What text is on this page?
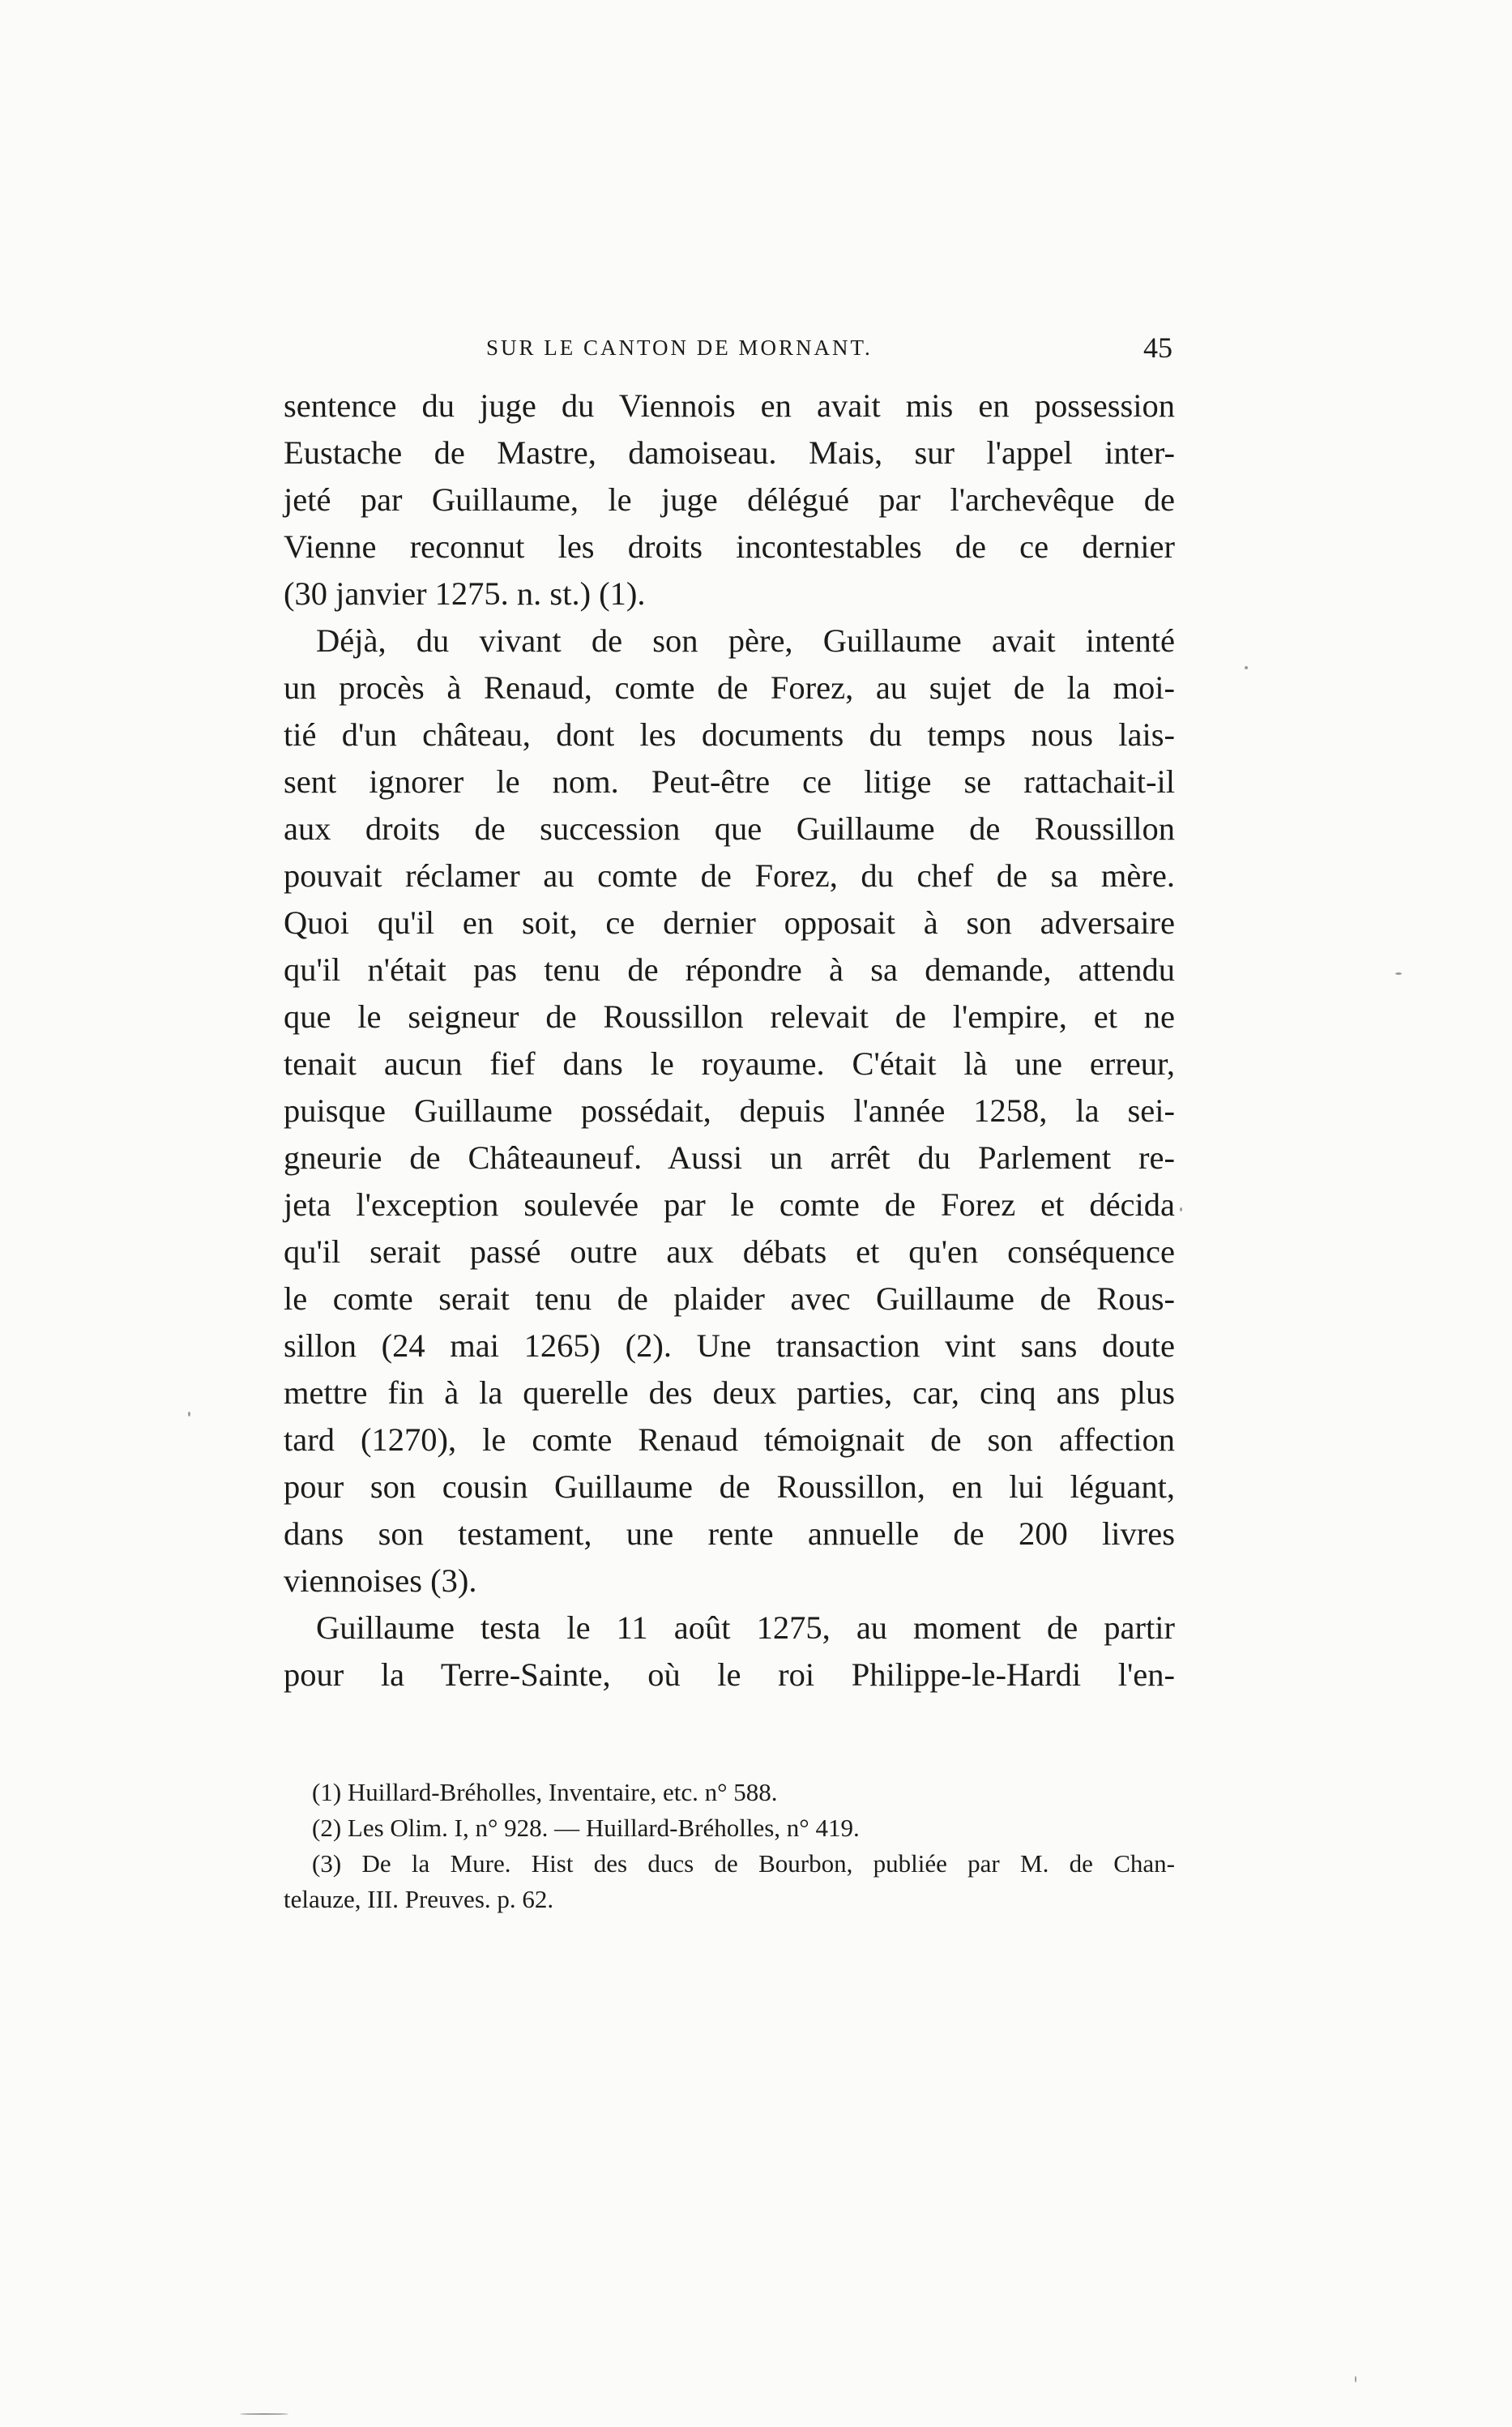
SUR LE CANTON DE MORNANT.	45
sentence du juge du Viennois en avait mis en possession
Eustache de Mastre, damoiseau. Mais, sur l'appel inter-
jeté par Guillaume, le juge délégué par l'archevêque de
Vienne reconnut les droits incontestables de ce dernier
(30 janvier 1275. n. st.) (1).
Déjà, du vivant de son père, Guillaume avait intenté
un procès à Renaud, comte de Forez, au sujet de la moi-
tié d'un château, dont les documents du temps nous lais-
sent ignorer le nom. Peut-être ce litige se rattachait-il
aux droits de succession que Guillaume de Roussillon
pouvait réclamer au comte de Forez, du chef de sa mère.
Quoi qu'il en soit, ce dernier opposait à son adversaire
qu'il n'était pas tenu de répondre à sa demande, attendu
que le seigneur de Roussillon relevait de l'empire, et ne
tenait aucun fief dans le royaume. C'était là une erreur,
puisque Guillaume possédait, depuis l'année 1258, la sei-
gneurie de Châteauneuf. Aussi un arrêt du Parlement re-
jeta l'exception soulevée par le comte de Forez et décida
qu'il serait passé outre aux débats et qu'en conséquence
le comte serait tenu de plaider avec Guillaume de Rous-
sillon (24 mai 1265) (2). Une transaction vint sans doute
mettre fin à la querelle des deux parties, car, cinq ans plus
tard (1270), le comte Renaud témoignait de son affection
pour son cousin Guillaume de Roussillon, en lui léguant,
dans son testament, une rente annuelle de 200 livres
viennoises (3).
Guillaume testa le 11 août 1275, au moment de partir
pour la Terre-Sainte, où le roi Philippe-le-Hardi l'en-
(1) Huillard-Bréholles, Inventaire, etc. n° 588.
(2) Les Olim. I, n° 928. — Huillard-Bréholles, n° 419.
(3) De la Mure. Hist des ducs de Bourbon, publiée par M. de Chan-
telauze, III. Preuves. p. 62.
